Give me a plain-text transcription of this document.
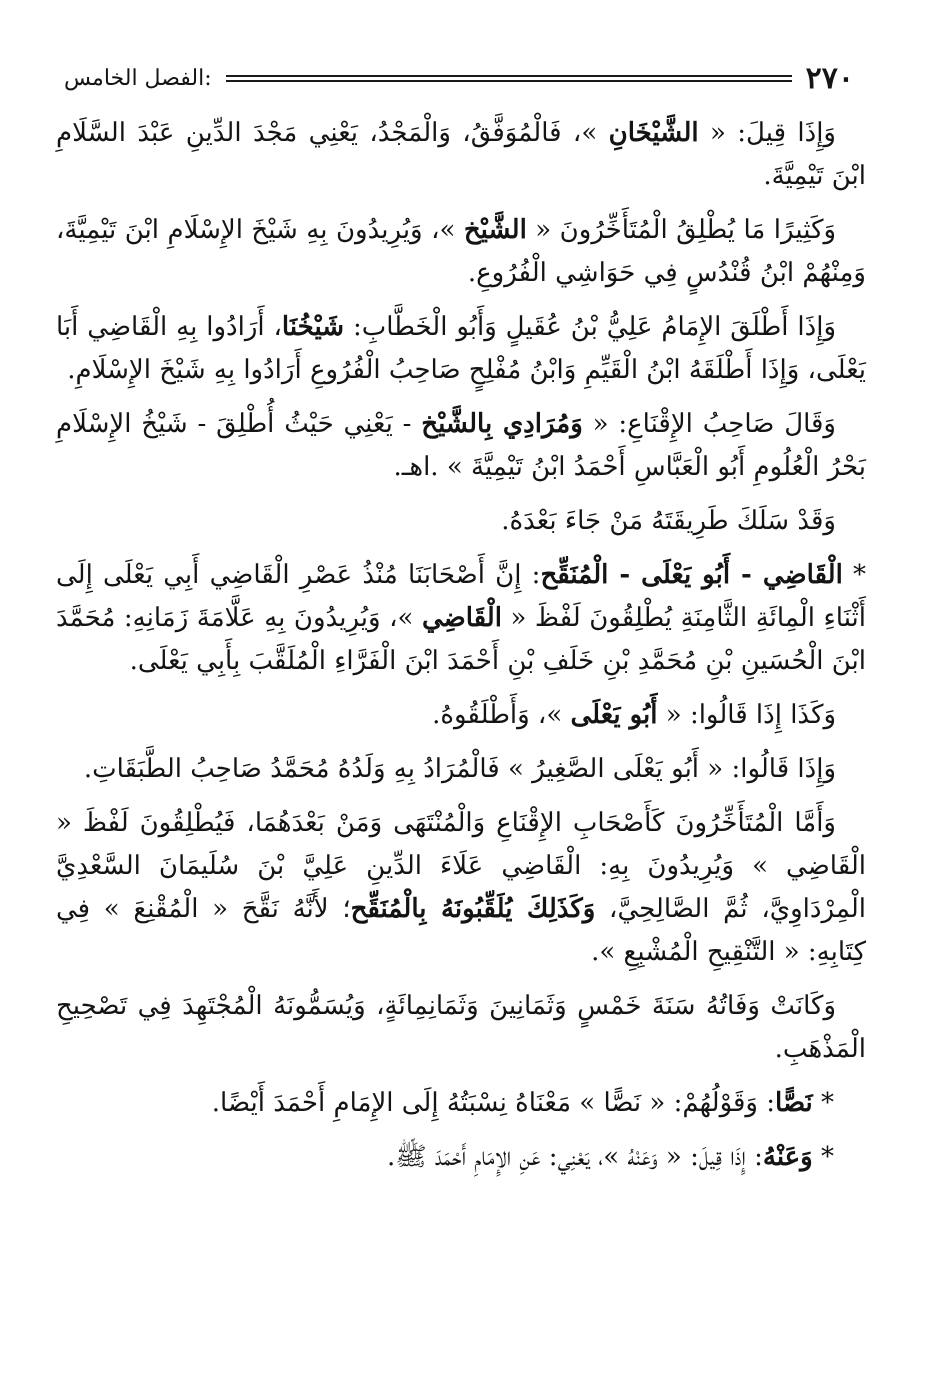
٢٧٠
الفصل الخامس:

وَإِذَا قِيلَ: « الشَّيْخَانِ »، فَالْمُوَفَّقُ، وَالْمَجْدُ، يَعْنِي مَجْدَ الدِّينِ عَبْدَ السَّلَامِ ابْنَ تَيْمِيَّةَ.

وَكَثِيرًا مَا يُطْلِقُ الْمُتَأَخِّرُونَ « الشَّيْخ »، وَيُرِيدُونَ بِهِ شَيْخَ الإِسْلَامِ ابْنَ تَيْمِيَّةَ، وَمِنْهُمْ ابْنُ قُنْدُسٍ فِي حَوَاشِي الْفُرُوعِ.

وَإِذَا أَطْلَقَ الإِمَامُ عَلِيُّ بْنُ عُقَيلٍ وَأَبُو الْخَطَّابِ: شَيْخُنَا، أَرَادُوا بِهِ الْقَاضِي أَبَا يَعْلَى، وَإِذَا أَطْلَقَهُ ابْنُ الْقَيِّمِ وَابْنُ مُفْلِحٍ صَاحِبُ الْفُرُوعِ أَرَادُوا بِهِ شَيْخَ الإِسْلَامِ.

وَقَالَ صَاحِبُ الإِقْنَاعِ: « وَمُرَادِي بِالشَّيْخ - يَعْنِي حَيْثُ أُطْلِقَ - شَيْخُ الإِسْلَامِ بَحْرُ الْعُلُومِ أَبُو الْعَبَّاسِ أَحْمَدُ ابْنُ تَيْمِيَّةَ » .اهـ.

وَقَدْ سَلَكَ طَرِيقَتَهُ مَنْ جَاءَ بَعْدَهُ.

* الْقَاضِي - أَبُو يَعْلَى - الْمُنَقِّح: إِنَّ أَصْحَابَنَا مُنْذُ عَصْرِ الْقَاضِي أَبِي يَعْلَى إِلَى أَثْنَاءِ الْمِائَةِ الثَّامِنَةِ يُطْلِقُونَ لَفْظَ « الْقَاضِي »، وَيُرِيدُونَ بِهِ عَلَّامَةَ زَمَانِهِ: مُحَمَّدَ ابْنَ الْحُسَينِ بْنِ مُحَمَّدِ بْنِ خَلَفِ بْنِ أَحْمَدَ ابْنَ الْفَرَّاءِ الْمُلَقَّبَ بِأَبِي يَعْلَى.

وَكَذَا إِذَا قَالُوا: « أَبُو يَعْلَى »، وَأَطْلَقُوهُ.

وَإِذَا قَالُوا: « أَبُو يَعْلَى الصَّغِيرُ » فَالْمُرَادُ بِهِ وَلَدُهُ مُحَمَّدُ صَاحِبُ الطَّبَقَاتِ.

وَأَمَّا الْمُتَأَخِّرُونَ كَأَصْحَابِ الإِقْنَاعِ وَالْمُنْتَهَى وَمَنْ بَعْدَهُمَا، فَيُطْلِقُونَ لَفْظَ « الْقَاضِي » وَيُرِيدُونَ بِهِ: الْقَاضِي عَلَاءَ الدِّينِ عَلِيَّ بْنَ سُلَيمَانَ السَّعْدِيَّ الْمِرْدَاوِيَّ، ثُمَّ الصَّالِحِيَّ، وَكَذَلِكَ يُلَقِّبُونَهُ بِالْمُنَقِّح؛ لأَنَّهُ نَقَّحَ « الْمُقْنِعَ » فِي كِتَابِهِ: « التَّنْقِيحِ الْمُشْبِعِ ».

وَكَانَتْ وَفَاتُهُ سَنَةَ خَمْسٍ وَثَمَانِينَ وَثَمَانِمِائَةٍ، وَيُسَمُّونَهُ الْمُجْتَهِدَ فِي تَصْحِيحِ الْمَذْهَبِ.

* نَصًّا: وَقَوْلُهُمْ: « نَصًّا » مَعْنَاهُ نِسْبَتُهُ إِلَى الإِمَامِ أَحْمَدَ أَيْضًا.

* وَعَنْهُ: إِذَا قِيلَ: « وَعَنْهُ »، يَعْنِي: عَنِ الإِمَامِ أَحْمَدَ ﷺ.
